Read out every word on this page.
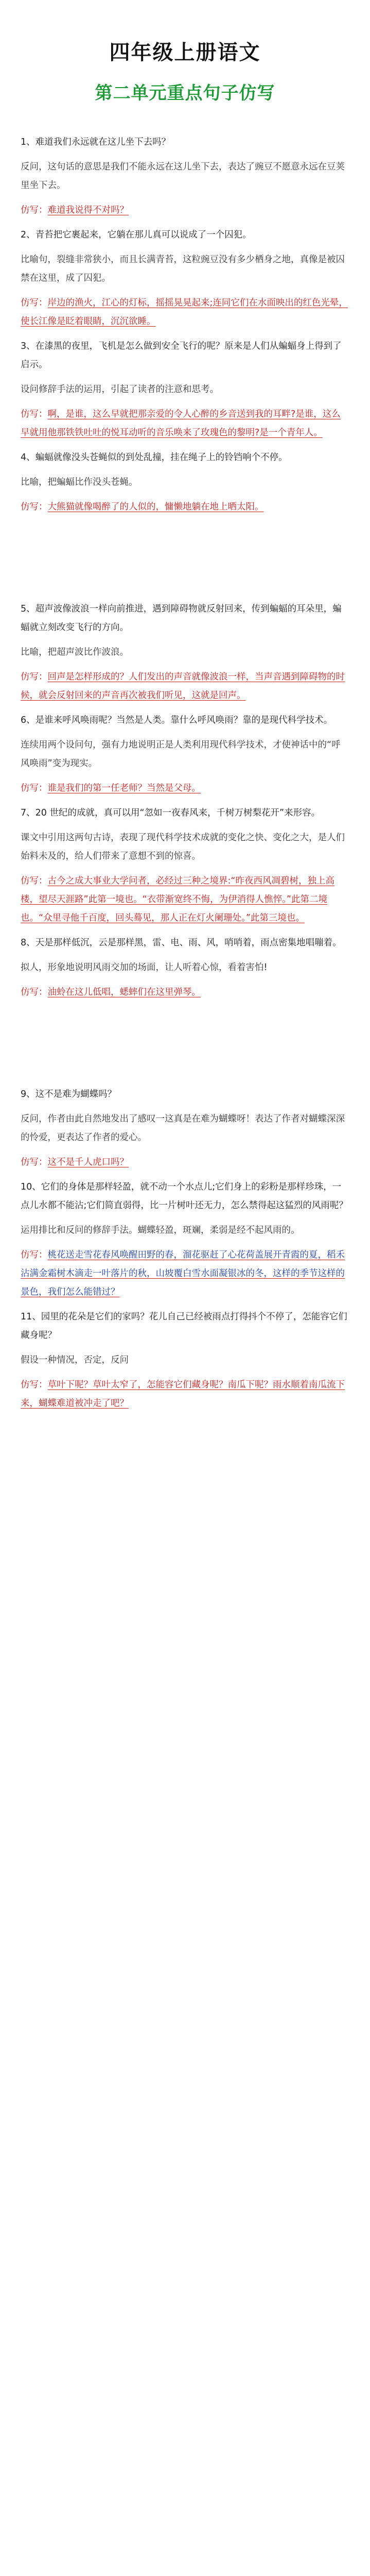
四年级上册语文
第二单元重点句子仿写

1、难道我们永远就在这儿坐下去吗？

反问，这句话的意思是我们不能永远在这儿坐下去，表达了豌豆不愿意永远在豆荚里坐下去。

仿写：难道我说得不对吗？

2、青苔把它裹起来，它躺在那儿真可以说成了一个囚犯。

比喻句，裂缝非常狭小，而且长满青苔，这粒豌豆没有多少栖身之地，真像是被囚禁在这里，成了囚犯。

仿写：岸边的渔火，江心的灯标，摇摇晃晃起来;连同它们在水面映出的红色光晕，使长江像是眨着眼睛，沉沉欲睡。

3、在漆黑的夜里，飞机是怎么做到安全飞行的呢？原来是人们从蝙蝠身上得到了启示。

设问修辞手法的运用，引起了读者的注意和思考。

仿写：啊，是谁，这么早就把那亲爱的令人心醉的乡音送到我的耳畔?是谁，这么早就用他那铁铁吐吐的悦耳动听的音乐唤来了玫瑰色的黎明?是一个青年人。

4、蝙蝠就像没头苍蝇似的到处乱撞，挂在绳子上的铃铛响个不停。

比喻，把蝙蝠比作没头苍蝇。

仿写：大熊猫就像喝醉了的人似的，慵懒地躺在地上晒太阳。

5、超声波像波浪一样向前推进，遇到障碍物就反射回来，传到蝙蝠的耳朵里，蝙蝠就立刻改变飞行的方向。

比喻，把超声波比作波浪。

仿写：回声是怎样形成的？人们发出的声音就像波浪一样，当声音遇到障碍物的时候，就会反射回来的声音再次被我们听见，这就是回声。

6、是谁来呼风唤雨呢？当然是人类。靠什么呼风唤雨？靠的是现代科学技术。

连续用两个设问句，强有力地说明正是人类利用现代科学技术，才使神话中的“呼风唤雨”变为现实。

仿写：谁是我们的第一任老师？当然是父母。

7、20 世纪的成就，真可以用“忽如一夜春风来，千树万树梨花开”来形容。

课文中引用这两句古诗，表现了现代科学技术成就的变化之快、变化之大，是人们始料未及的，给人们带来了意想不到的惊喜。

仿写：古今之成大事业大学问者，必经过三种之境界:“昨夜西风凋碧树，独上高楼，望尽天涯路”此第一境也。“衣带渐宽终不悔，为伊消得人憔悴。”此第二境也。“众里寻他千百度，回头蓦见，那人正在灯火阑珊处。”此第三境也。

8、天是那样低沉，云是那样黑，雷、电、雨、风，哨哨着，雨点密集地唱嘣着。

拟人，形象地说明风雨交加的场面，让人听着心惊，看着害怕!

仿写：油蛉在这儿低唱，蟋蟀们在这里弹琴。

9、这不是难为蝴蝶吗？

反问，作者由此自然地发出了感叹一这真是在难为蝴蝶呀！表达了作者对蝴蝶深深的怜爱，更表达了作者的爱心。

仿写：这不是千人虎口吗？

10、它们的身体是那样轻盈，就不动一个水点儿;它们身上的彩粉是那样珍珠，一点儿水都不能沾;它们简直弱得，比一片树叶还无力，怎么禁得起这猛烈的风雨呢？

运用排比和反问的修辞手法。蝴蝶轻盈，斑斓，柔弱是经不起风雨的。

仿写：桃花送走雪花春风唤醒田野的春，溜花驱赶了心花荷盖展开青霞的夏，稻禾沾满金霜树木滴走一叶落片的秋，山坡覆白雪水面凝银冰的冬，这样的季节这样的景色，我们怎么能错过？

11、园里的花朵是它们的家吗？花儿自己已经被雨点打得抖个不停了，怎能容它们藏身呢？

假设一种情况，否定，反问

仿写：草叶下呢？草叶太窄了，怎能容它们藏身呢？南瓜下呢？雨水顺着南瓜流下来，蝴蝶难道被冲走了吧？
